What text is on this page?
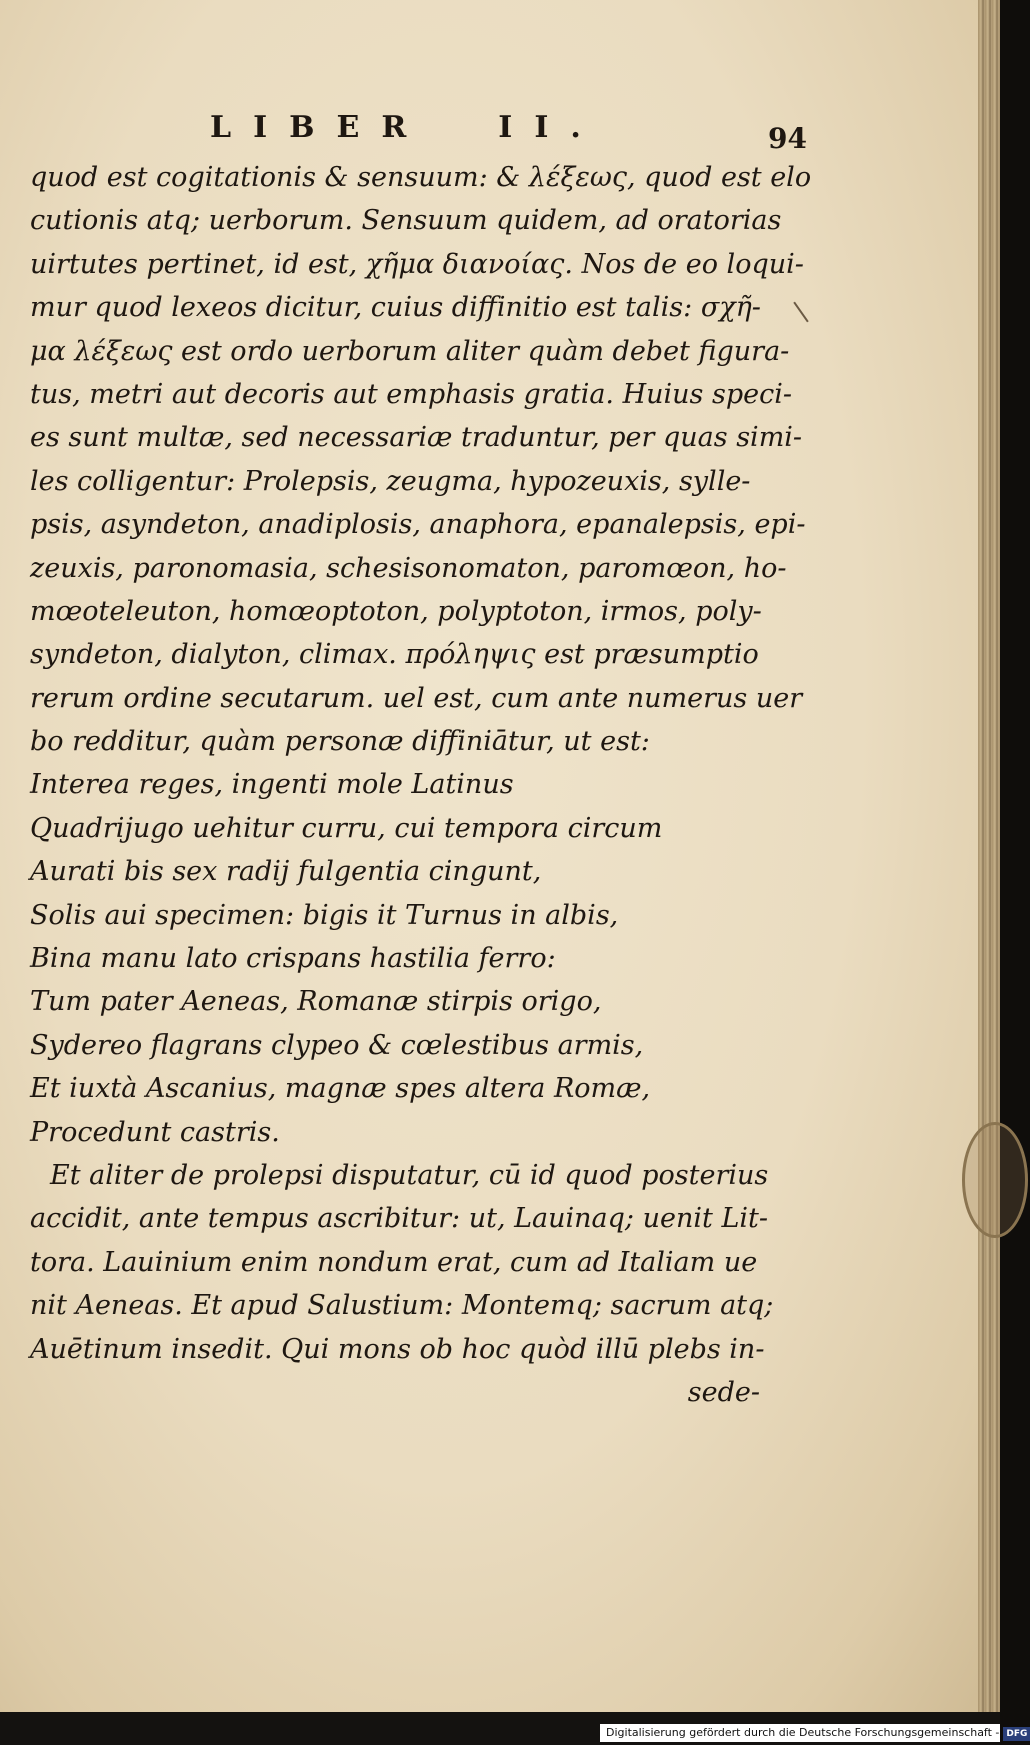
LIBER II.	94
quod est cogitationis & sensuum: & λέξεως, quod est elo
cutionis atq; uerborum. Sensuum quidem, ad oratorias
uirtutes pertinet, id est, χῆμα διανοίας. Nos de eo loqui-
mur quod lexeos dicitur, cuius diffinitio est talis: σχῆ-
μα λέξεως est ordo uerborum aliter quàm debet figura-
tus, metri aut decoris aut emphasis gratia. Huius speci-
es sunt multæ, sed necessariæ traduntur, per quas simi-
les colligentur: Prolepsis, zeugma, hypozeuxis, sylle-
psis, asyndeton, anadiplosis, anaphora, epanalepsis, epi-
zeuxis, paronomasia, schesisonomaton, paromœon, ho-
mœoteleuton, homœoptoton, polyptoton, irmos, poly-
syndeton, dialyton, climax. πρόληψις est præsumptio
rerum ordine secutarum. uel est, cum ante numerus uer
bo redditur, quàm personæ diffiniātur, ut est:
Interea reges, ingenti mole Latinus
Quadrijugo uehitur curru, cui tempora circum
Aurati bis sex radij fulgentia cingunt,
Solis aui specimen: bigis it Turnus in albis,
Bina manu lato crispans hastilia ferro:
Tum pater Aeneas, Romanæ stirpis origo,
Sydereo flagrans clypeo & cœlestibus armis,
Et iuxtà Ascanius, magnæ spes altera Romæ,
Procedunt castris.
Et aliter de prolepsi disputatur, cū id quod posterius
accidit, ante tempus ascribitur: ut, Lauinaq; uenit Lit-
tora. Lauinium enim nondum erat, cum ad Italiam ue
nit Aeneas. Et apud Salustium: Montemq; sacrum atq;
Auētinum insedit. Qui mons ob hoc quòd illū plebs in-
sede-
Digitalisierung gefördert durch die Deutsche Forschungsgemeinschaft - DFG
